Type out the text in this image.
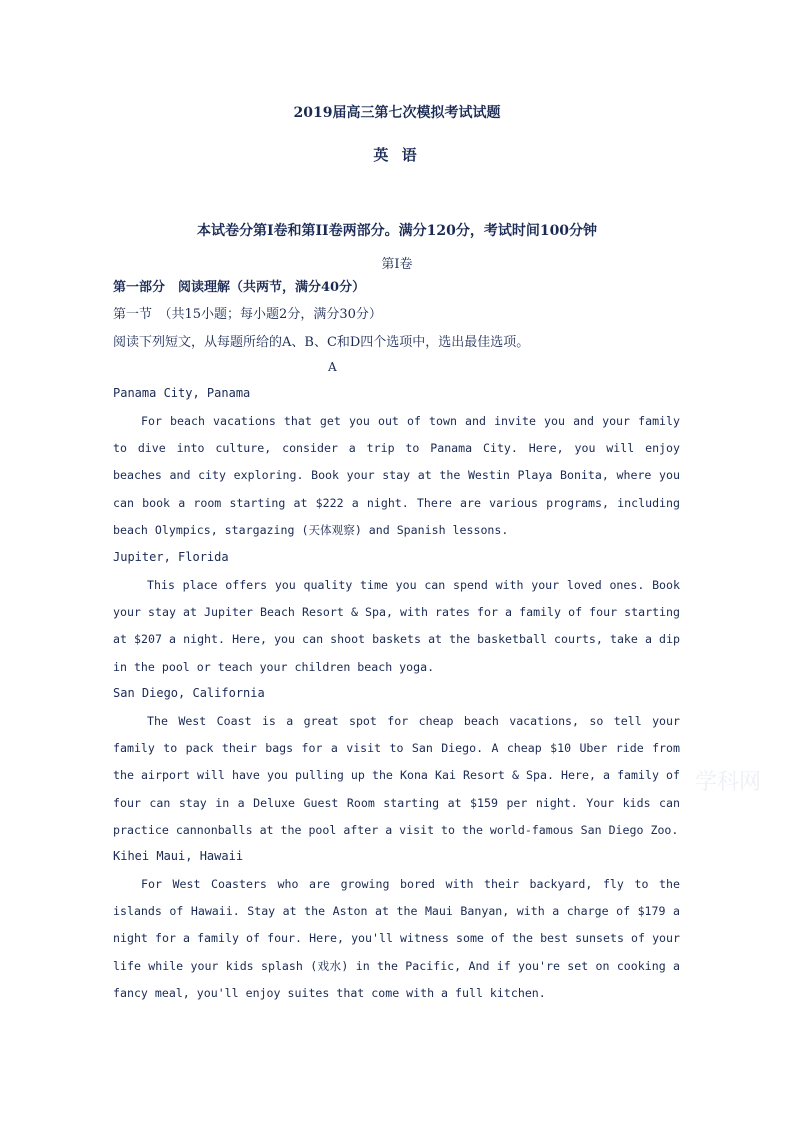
2019届高三第七次模拟考试试题
英 语
本试卷分第I卷和第II卷两部分。满分120分，考试时间100分钟
第I卷
第一部分　阅读理解（共两节，满分40分）
第一节　（共15小题；每小题2分，满分30分）
阅读下列短文，从每题所给的A、B、C和D四个选项中，选出最佳选项。
A
Panama City, Panama

For beach vacations that get you out of town and invite you and your family to dive into culture, consider a trip to Panama City. Here, you will enjoy beaches and city exploring. Book your stay at the Westin Playa Bonita, where you can book a room starting at $222 a night. There are various programs, including beach Olympics, stargazing (天体观察) and Spanish lessons.

Jupiter, Florida

This place offers you quality time you can spend with your loved ones. Book your stay at Jupiter Beach Resort & Spa, with rates for a family of four starting at $207 a night. Here, you can shoot baskets at the basketball courts, take a dip in the pool or teach your children beach yoga.

San Diego, California

The West Coast is a great spot for cheap beach vacations, so tell your family to pack their bags for a visit to San Diego. A cheap $10 Uber ride from the airport will have you pulling up the Kona Kai Resort & Spa. Here, a family of four can stay in a Deluxe Guest Room starting at $159 per night. Your kids can practice cannonballs at the pool after a visit to the world-famous San Diego Zoo.

Kihei Maui, Hawaii

For West Coasters who are growing bored with their backyard, fly to the islands of Hawaii. Stay at the Aston at the Maui Banyan, with a charge of $179 a night for a family of four. Here, you'll witness some of the best sunsets of your life while your kids splash (戏水) in the Pacific, And if you're set on cooking a fancy meal, you'll enjoy suites that come with a full kitchen.

学科网
